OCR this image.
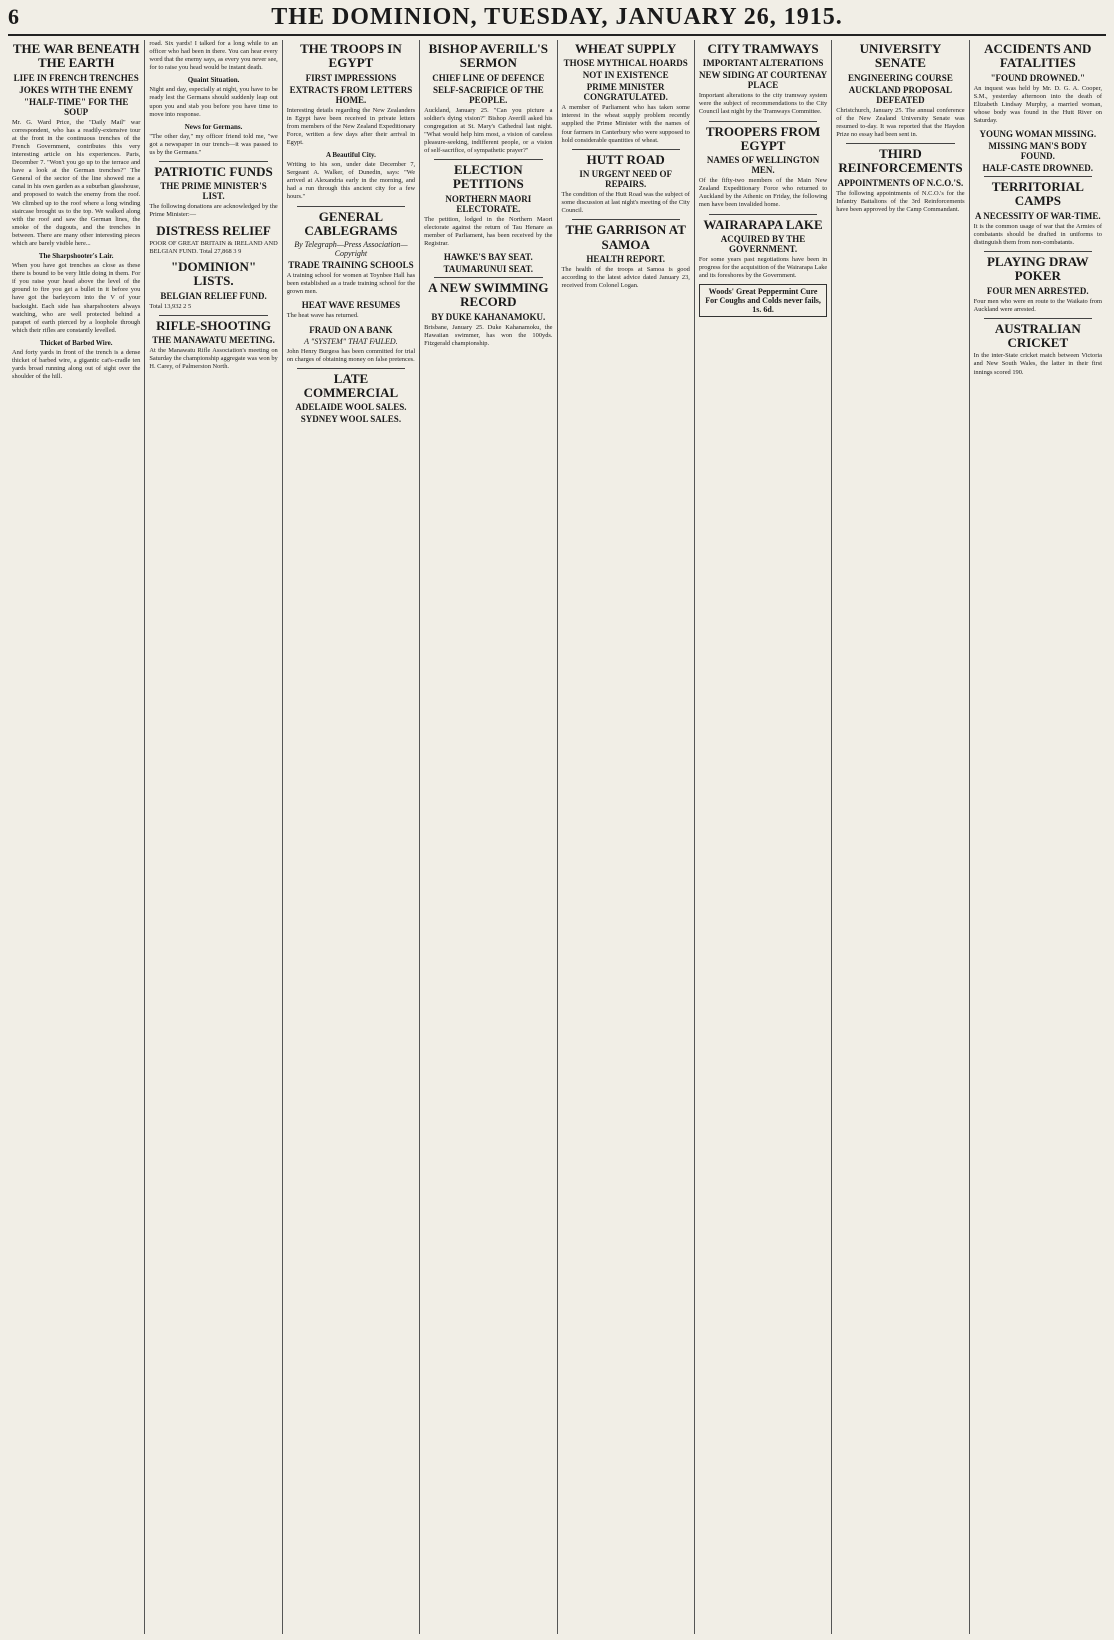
6	THE DOMINION, TUESDAY, JANUARY 26, 1915.
THE WAR BENEATH THE EARTH
LIFE IN FRENCH TRENCHES
JOKES WITH THE ENEMY
"HALF-TIME" FOR THE SOUP
Mr. G. Ward Price, the "Daily Mail" war correspondent, who has a readily-extensive tour at the front in the continuous trenches of the French Government, contributes this very interesting article on his experiences. Paris, December 7. "Won't you go up to the terrace and have a look at the German trenches?" The General of the sector of the line showed me a canal in his own garden as a suburban glasshouse, and proposed to watch the enemy from the roof. We climbed up to the roof where a long winding staircase brought us to the top. We walked along with the roof and saw the German lines, the smoke of the dugouts, and the trenches in between. There are many other interesting pieces which are barely visible here...
The Sharpshooter's Lair.
When you have got trenches as close as these there is bound to be very little doing in them. For if you raise your head above the level of the ground to fire you get a bullet in it before you have got the barleycorn into the V of your backsight. Each side has sharpshooters always watching, who are well protected behind a parapet of earth pierced by a loophole through which their rifles are constantly levelled.
Thicket of Barbed Wire.
And forty yards in front of the trench is a dense thicket of barbed wire, a gigantic cat's-cradle ten yards broad running along out of sight over the shoulder of the hill.
road. Six yards! I talked for a long while to an officer who had been in there. You can hear every word that the enemy says, as every you never see, for to raise you head would be instant death.
Quaint Situation.
Night and day, especially at night, you have to be ready lest the Germans should suddenly leap out upon you and stab you before you have time to move into response.
News for Germans.
"The other day," my officer friend told me, "we got a newspaper in our trench—it was passed to us by the Germans."
PATRIOTIC FUNDS
THE PRIME MINISTER'S LIST.
The following donations are acknowledged by the Prime Minister:—
DISTRESS RELIEF
POOR OF GREAT BRITAIN & IRELAND AND BELGIAN FUND. Total 27,868 3 9
"DOMINION" LISTS.
BELGIAN RELIEF FUND.
Total 13,932 2 5
RIFLE-SHOOTING
THE MANAWATU MEETING.
At the Manawatu Rifle Association's meeting on Saturday the championship aggregate was won by H. Carey, of Palmerston North.
THE TROOPS IN EGYPT
FIRST IMPRESSIONS
EXTRACTS FROM LETTERS HOME.
Interesting details regarding the New Zealanders in Egypt have been received in private letters from members of the New Zealand Expeditionary Force, written a few days after their arrival in Egypt.
A Beautiful City.
Writing to his son, under date December 7, Sergeant A. Walker, of Dunedin, says: "We arrived at Alexandria early in the morning, and had a run through this ancient city for a few hours."
GENERAL CABLEGRAMS
By Telegraph—Press Association—Copyright
TRADE TRAINING SCHOOLS
A training school for women at Toynbee Hall has been established as a trade training school for the grown men.
HEAT WAVE RESUMES
The heat wave has returned.
FRAUD ON A BANK
A "SYSTEM" THAT FAILED.
John Henry Burgess has been committed for trial on charges of obtaining money on false pretences.
LATE COMMERCIAL
ADELAIDE WOOL SALES.
SYDNEY WOOL SALES.
BISHOP AVERILL'S SERMON
CHIEF LINE OF DEFENCE
SELF-SACRIFICE OF THE PEOPLE.
Auckland, January 25. "Can you picture a soldier's dying vision?" Bishop Averill asked his congregation at St. Mary's Cathedral last night. "What would help him most, a vision of careless pleasure-seeking, indifferent people, or a vision of self-sacrifice, of sympathetic prayer?"
ELECTION PETITIONS
NORTHERN MAORI ELECTORATE.
The petition, lodged in the Northern Maori electorate against the return of Tau Henare as member of Parliament, has been received by the Registrar.
HAWKE'S BAY SEAT.
TAUMARUNUI SEAT.
A NEW SWIMMING RECORD
BY DUKE KAHANAMOKU.
Brisbane, January 25. Duke Kahanamoku, the Hawaiian swimmer, has won the 100yds. Fitzgerald championship.
WHEAT SUPPLY
THOSE MYTHICAL HOARDS
NOT IN EXISTENCE
PRIME MINISTER CONGRATULATED.
A member of Parliament who has taken some interest in the wheat supply problem recently supplied the Prime Minister with the names of four farmers in Canterbury who were supposed to hold considerable quantities of wheat.
HUTT ROAD
IN URGENT NEED OF REPAIRS.
The condition of the Hutt Road was the subject of some discussion at last night's meeting of the City Council.
THE GARRISON AT SAMOA
HEALTH REPORT.
The health of the troops at Samoa is good according to the latest advice dated January 23, received from Colonel Logan.
CITY TRAMWAYS
IMPORTANT ALTERATIONS
NEW SIDING AT COURTENAY PLACE
Important alterations to the city tramway system were the subject of recommendations to the City Council last night by the Tramways Committee.
TROOPERS FROM EGYPT
NAMES OF WELLINGTON MEN.
Of the fifty-two members of the Main New Zealand Expeditionary Force who returned to Auckland by the Athenic on Friday, the following men have been invalided home.
WAIRARAPA LAKE
ACQUIRED BY THE GOVERNMENT.
For some years past negotiations have been in progress for the acquisition of the Wairarapa Lake and its foreshores by the Government.
Woods' Great Peppermint Cure For Coughs and Colds never fails, 1s. 6d.
UNIVERSITY SENATE
ENGINEERING COURSE
AUCKLAND PROPOSAL DEFEATED
Christchurch, January 25. The annual conference of the New Zealand University Senate was resumed to-day. It was reported that the Haydon Prize no essay had been sent in.
THIRD REINFORCEMENTS
APPOINTMENTS OF N.C.O.'S.
The following appointments of N.C.O.'s for the Infantry Battalions of the 3rd Reinforcements have been approved by the Camp Commandant.
ACCIDENTS AND FATALITIES
"FOUND DROWNED."
An inquest was held by Mr. D. G. A. Cooper, S.M., yesterday afternoon into the death of Elizabeth Lindsay Murphy, a married woman, whose body was found in the Hutt River on Saturday.
YOUNG WOMAN MISSING.
MISSING MAN'S BODY FOUND.
HALF-CASTE DROWNED.
TERRITORIAL CAMPS
A NECESSITY OF WAR-TIME.
It is the common usage of war that the Armies of combatants should be drafted in uniforms to distinguish them from non-combatants.
PLAYING DRAW POKER
FOUR MEN ARRESTED.
Four men who were en route to the Waikato from Auckland were arrested.
AUSTRALIAN CRICKET
In the inter-State cricket match between Victoria and New South Wales, the latter in their first innings scored 190.
